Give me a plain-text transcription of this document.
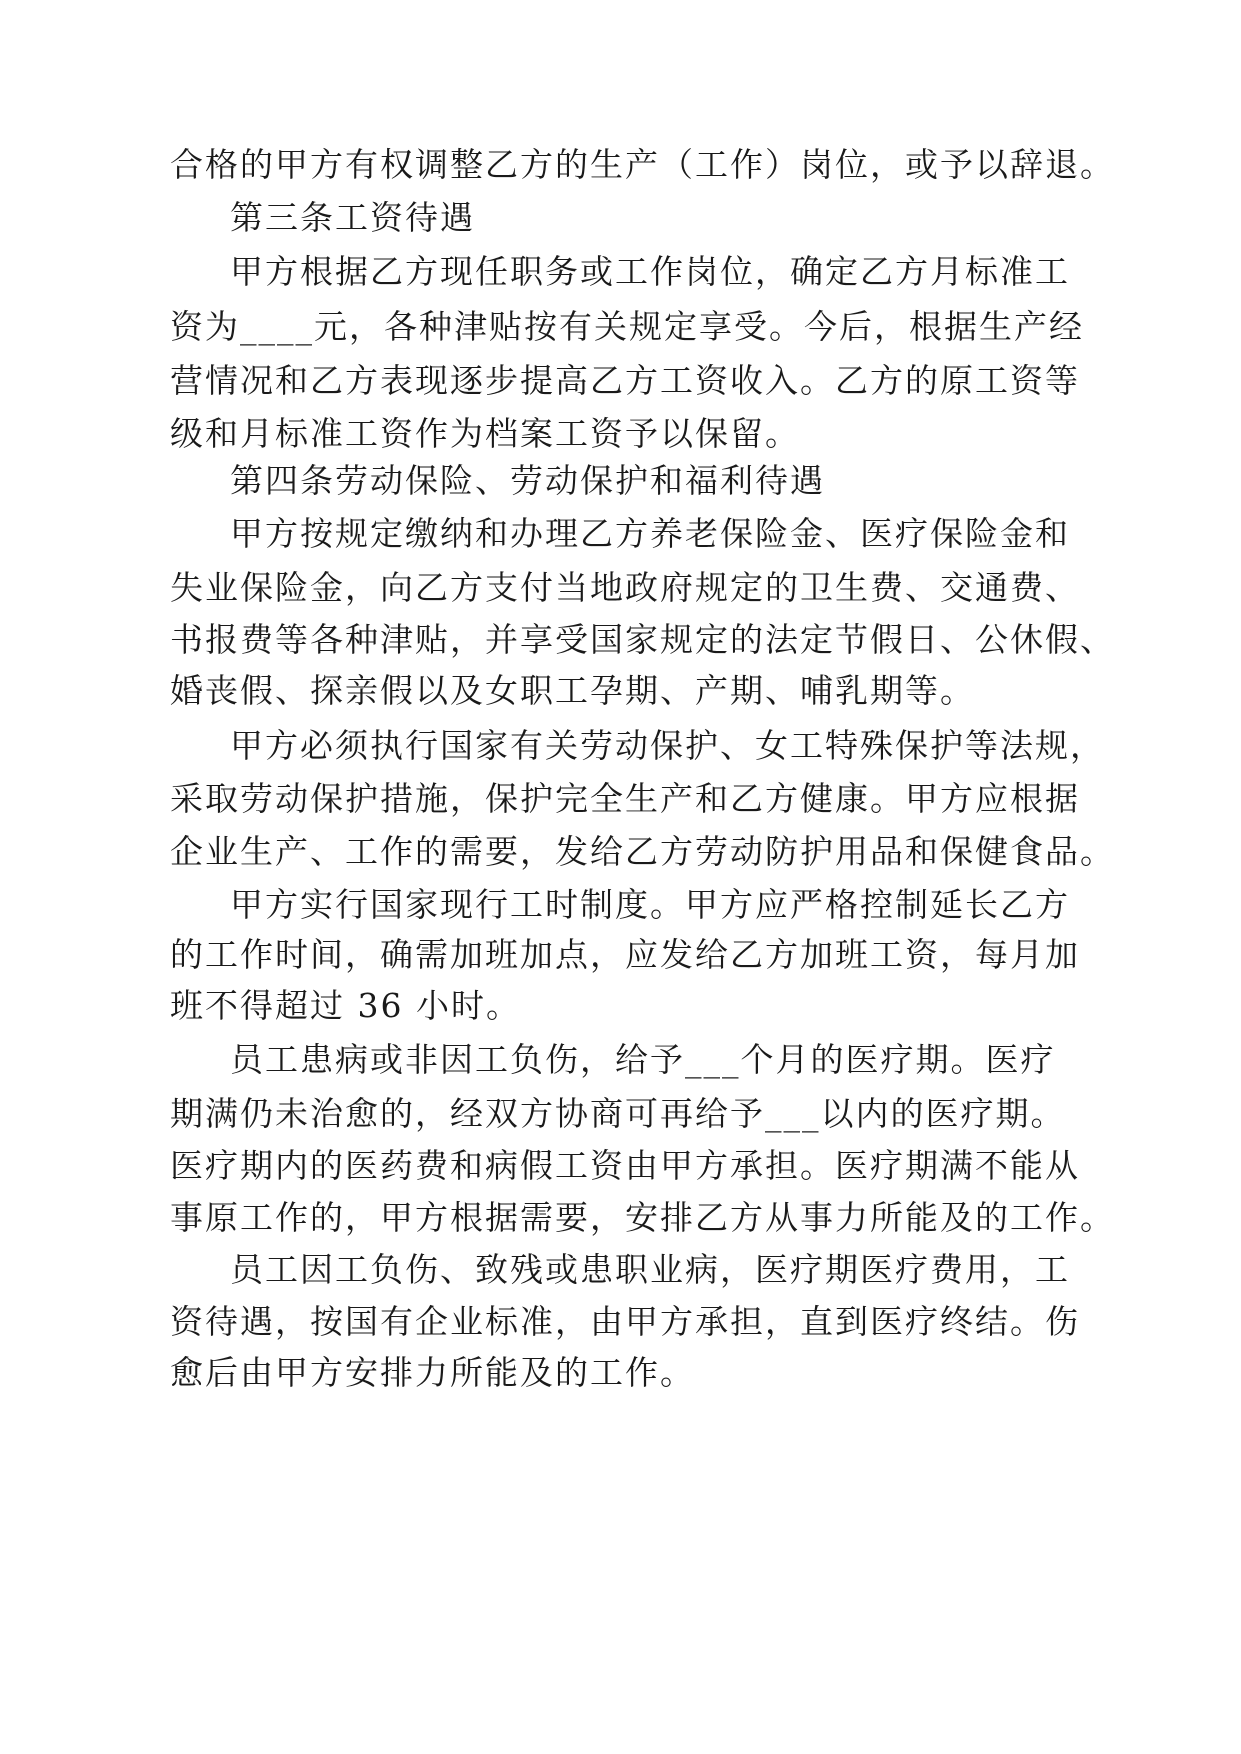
合格的甲方有权调整乙方的生产（工作）岗位，或予以辞退。
第三条工资待遇
甲方根据乙方现任职务或工作岗位，确定乙方月标准工
资为____元，各种津贴按有关规定享受。今后，根据生产经
营情况和乙方表现逐步提高乙方工资收入。乙方的原工资等
级和月标准工资作为档案工资予以保留。
第四条劳动保险、劳动保护和福利待遇
甲方按规定缴纳和办理乙方养老保险金、医疗保险金和
失业保险金，向乙方支付当地政府规定的卫生费、交通费、
书报费等各种津贴，并享受国家规定的法定节假日、公休假、
婚丧假、探亲假以及女职工孕期、产期、哺乳期等。
甲方必须执行国家有关劳动保护、女工特殊保护等法规，
采取劳动保护措施，保护完全生产和乙方健康。甲方应根据
企业生产、工作的需要，发给乙方劳动防护用品和保健食品。
甲方实行国家现行工时制度。甲方应严格控制延长乙方
的工作时间，确需加班加点，应发给乙方加班工资，每月加
班不得超过 36 小时。
员工患病或非因工负伤，给予___个月的医疗期。医疗
期满仍未治愈的，经双方协商可再给予___以内的医疗期。
医疗期内的医药费和病假工资由甲方承担。医疗期满不能从
事原工作的，甲方根据需要，安排乙方从事力所能及的工作。
员工因工负伤、致残或患职业病，医疗期医疗费用，工
资待遇，按国有企业标准，由甲方承担，直到医疗终结。伤
愈后由甲方安排力所能及的工作。
